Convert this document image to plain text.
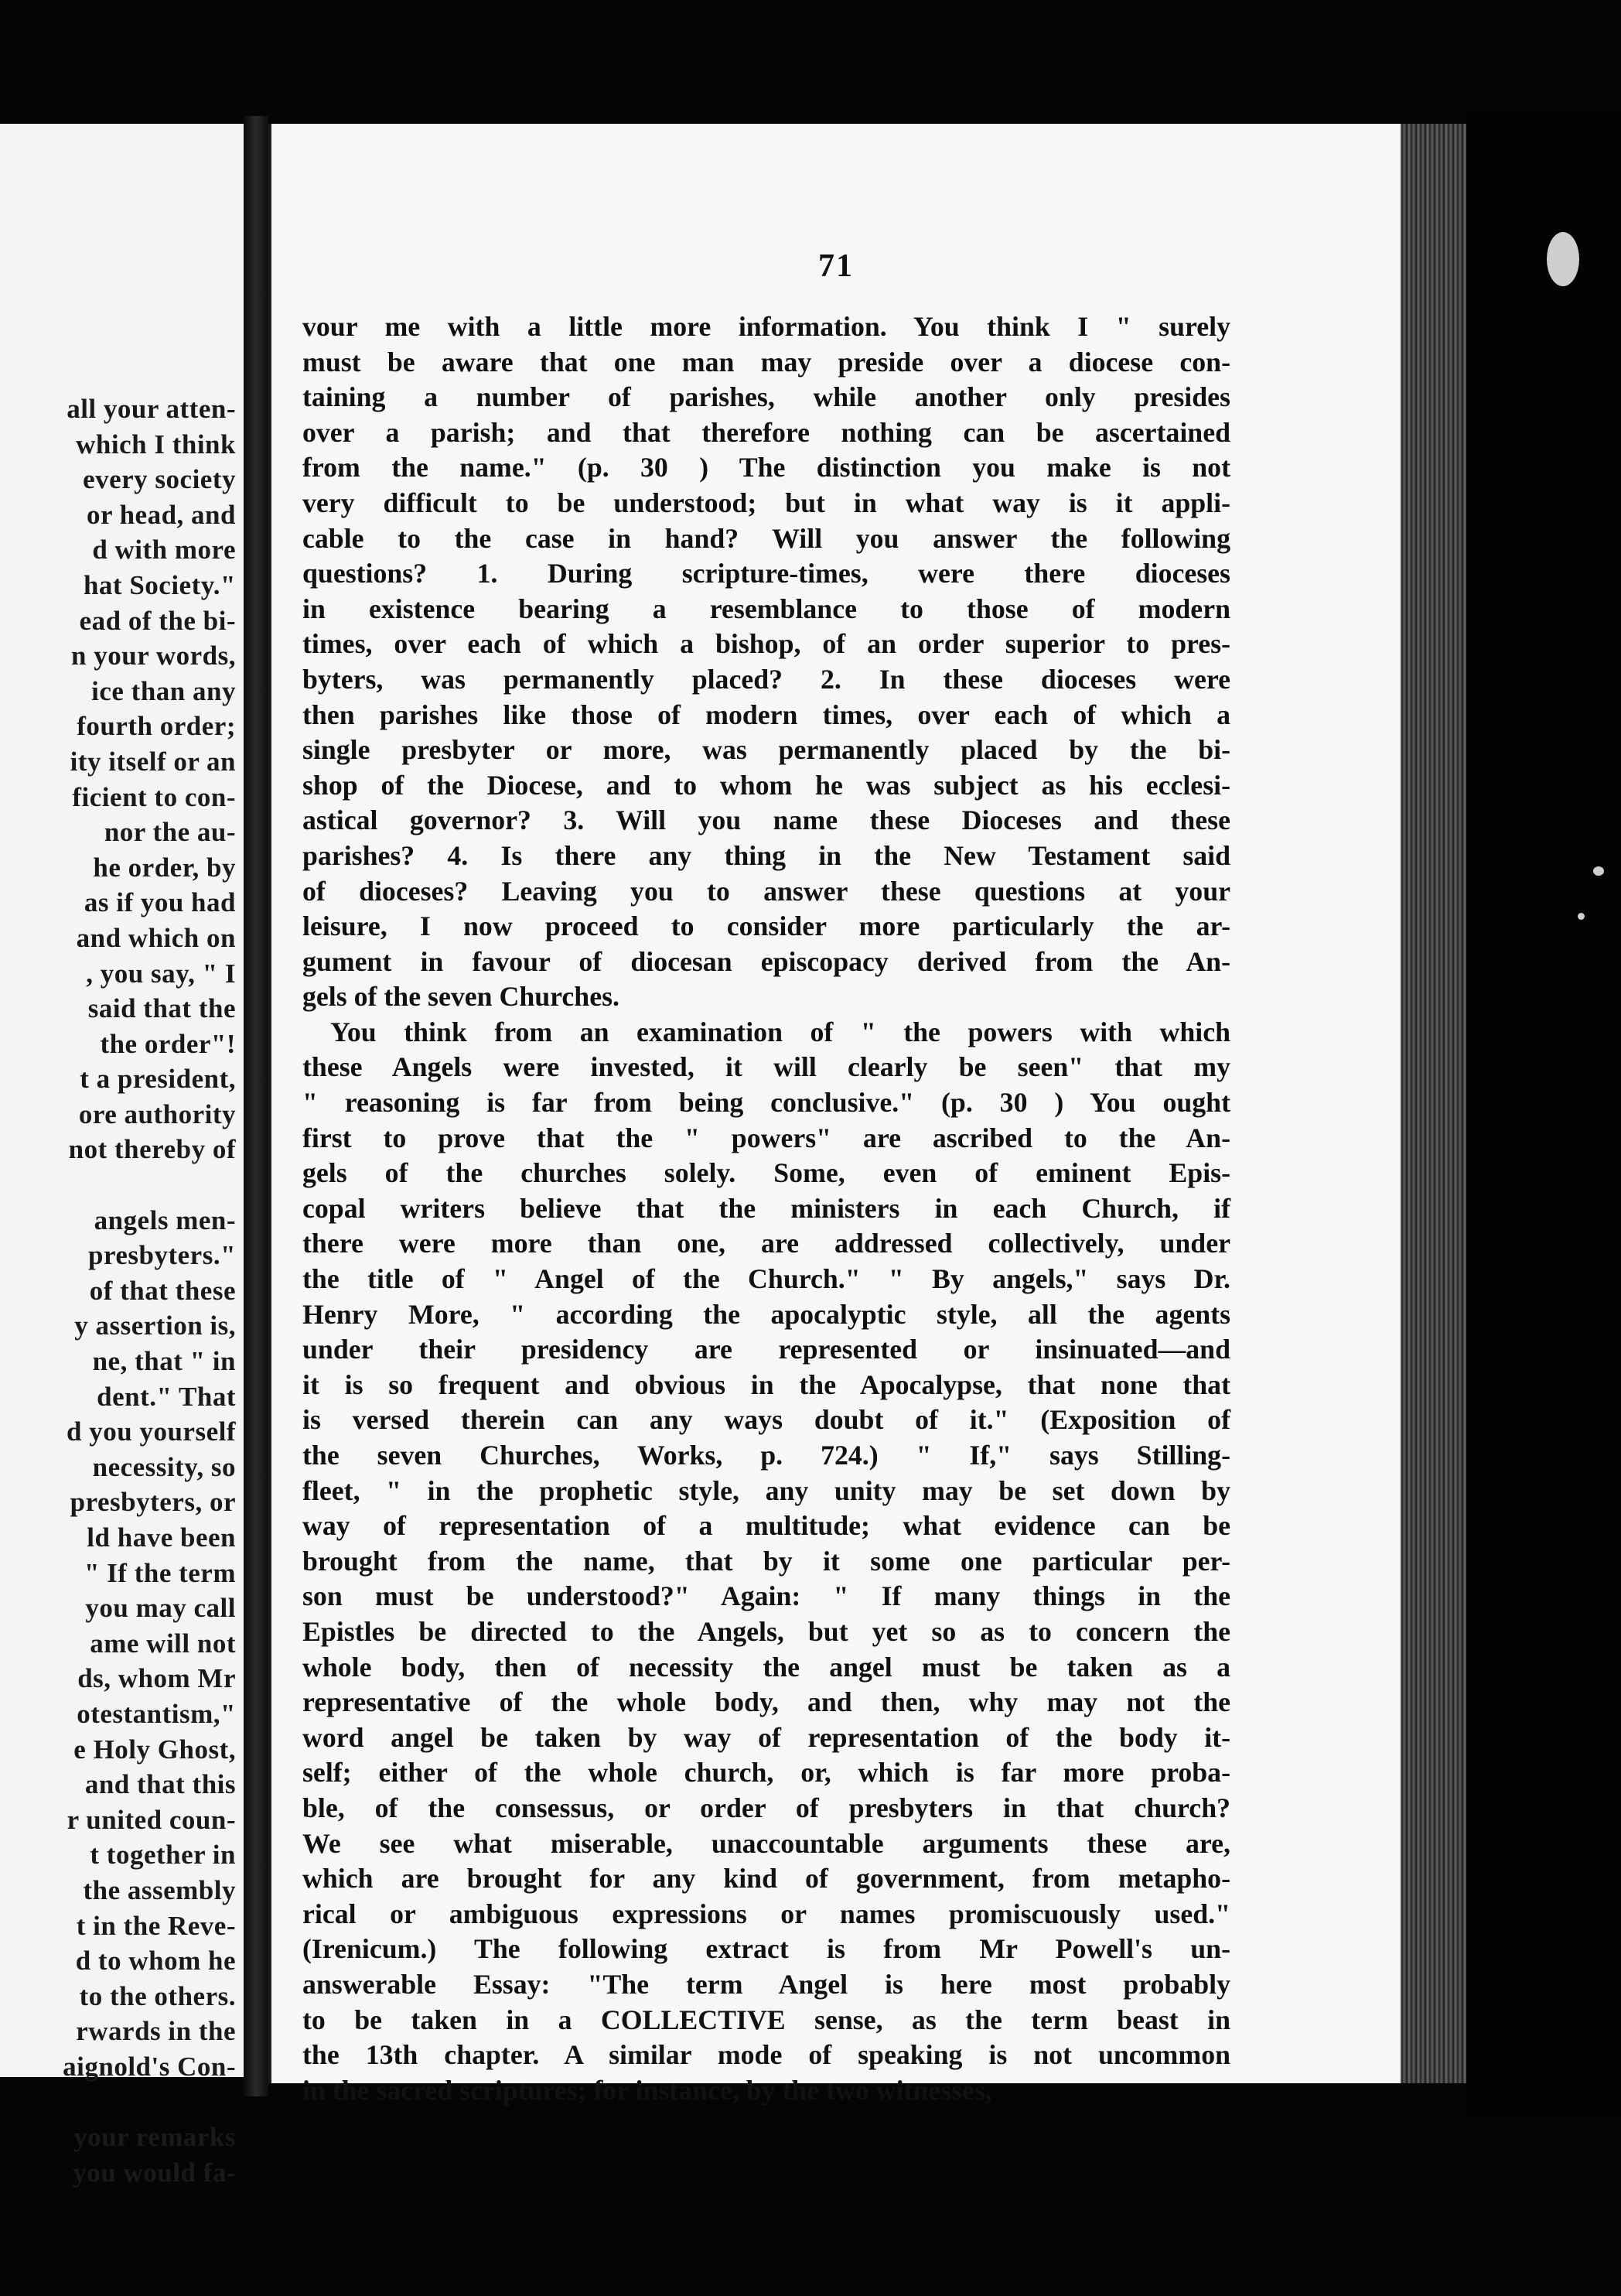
all your atten-
which I think
every society
or head, and
d with more
hat Society."
ead of the bi-
n your words,
ice than any
fourth order;
ity itself or an
ficient to con-
nor the au-
he order, by
as if you had
and which on
, you say, " I
said that the
the order"!
t a president,
ore authority
not thereby of

angels men-
presbyters."
of that these
y assertion is,
ne, that " in
dent." That
d you yourself
necessity, so
presbyters, or
ld have been
" If the term
you may call
ame will not
ds, whom Mr
otestantism,"
e Holy Ghost,
and that this
r united coun-
t together in
the assembly
t in the Reve-
d to whom he
to the others.
rwards in the
aignold's Con-

your remarks
you would fa-
71
vour me with a little more information. You think I " surely
must be aware that one man may preside over a diocese con-
taining a number of parishes, while another only presides
over a parish; and that therefore nothing can be ascertained
from the name." (p. 30 ) The distinction you make is not
very difficult to be understood; but in what way is it appli-
cable to the case in hand? Will you answer the following
questions? 1. During scripture-times, were there dioceses
in existence bearing a resemblance to those of modern
times, over each of which a bishop, of an order superior to pres-
byters, was permanently placed? 2. In these dioceses were
then parishes like those of modern times, over each of which a
single presbyter or more, was permanently placed by the bi-
shop of the Diocese, and to whom he was subject as his ecclesi-
astical governor? 3. Will you name these Dioceses and these
parishes? 4. Is there any thing in the New Testament said
of dioceses? Leaving you to answer these questions at your
leisure, I now proceed to consider more particularly the ar-
gument in favour of diocesan episcopacy derived from the An-
gels of the seven Churches.
You think from an examination of " the powers with which
these Angels were invested, it will clearly be seen" that my
" reasoning is far from being conclusive." (p. 30 ) You ought
first to prove that the " powers" are ascribed to the An-
gels of the churches solely. Some, even of eminent Epis-
copal writers believe that the ministers in each Church, if
there were more than one, are addressed collectively, under
the title of " Angel of the Church." " By angels," says Dr.
Henry More, " according the apocalyptic style, all the agents
under their presidency are represented or insinuated—and
it is so frequent and obvious in the Apocalypse, that none that
is versed therein can any ways doubt of it." (Exposition of
the seven Churches, Works, p. 724.) " If," says Stilling-
fleet, " in the prophetic style, any unity may be set down by
way of representation of a multitude; what evidence can be
brought from the name, that by it some one particular per-
son must be understood?" Again: " If many things in the
Epistles be directed to the Angels, but yet so as to concern the
whole body, then of necessity the angel must be taken as a
representative of the whole body, and then, why may not the
word angel be taken by way of representation of the body it-
self; either of the whole church, or, which is far more proba-
ble, of the consessus, or order of presbyters in that church?
We see what miserable, unaccountable arguments these are,
which are brought for any kind of government, from metapho-
rical or ambiguous expressions or names promiscuously used."
(Irenicum.) The following extract is from Mr Powell's un-
answerable Essay: "The term Angel is here most probably
to be taken in a COLLECTIVE sense, as the term beast in
the 13th chapter. A similar mode of speaking is not uncommon
in the sacred scriptures; for instance, by the two witnesses,
